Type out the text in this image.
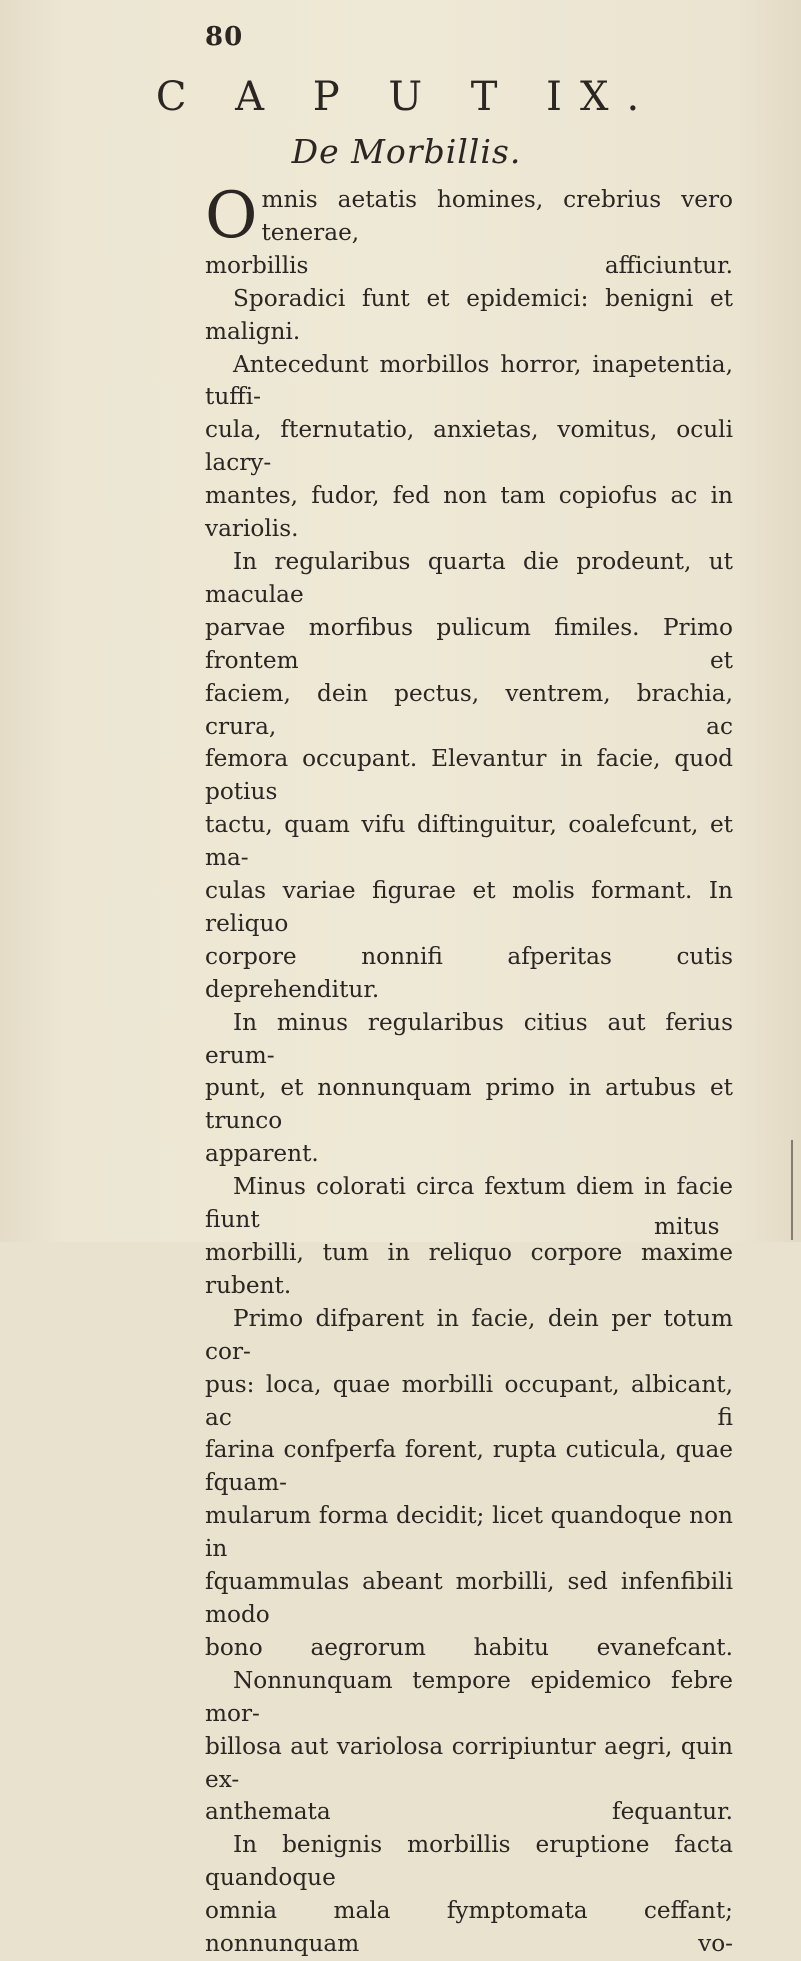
80
C A P U T IX.
De Morbillis.

Omnis aetatis homines, crebrius vero tenerae,
morbillis afficiuntur.

Sporadici funt et epidemici: benigni et maligni.

Antecedunt morbillos horror, inapetentia, tuffi-
cula, fternutatio, anxietas, vomitus, oculi lacry-
mantes, fudor, fed non tam copiofus ac in variolis.

In regularibus quarta die prodeunt, ut maculae
parvae morfibus pulicum fimiles. Primo frontem et
faciem, dein pectus, ventrem, brachia, crura, ac
femora occupant. Elevantur in facie, quod potius
tactu, quam vifu diftinguitur, coalefcunt, et ma-
culas variae figurae et molis formant. In reliquo
corpore nonnifi afperitas cutis deprehenditur.

In minus regularibus citius aut ferius erum-
punt, et nonnunquam primo in artubus et trunco
apparent.

Minus colorati circa fextum diem in facie fiunt
morbilli, tum in reliquo corpore maxime rubent.

Primo difparent in facie, dein per totum cor-
pus: loca, quae morbilli occupant, albicant, ac fi
farina confperfa forent, rupta cuticula, quae fquam-
mularum forma decidit; licet quandoque non in
fquammulas abeant morbilli, sed infenfibili modo
bono aegrorum habitu evanefcant.

Nonnunquam tempore epidemico febre mor-
billosa aut variolosa corripiuntur aegri, quin ex-
anthemata fequantur.

In benignis morbillis eruptione facta quandoque
omnia mala fymptomata ceffant; nonnunquam vo-

mitus
